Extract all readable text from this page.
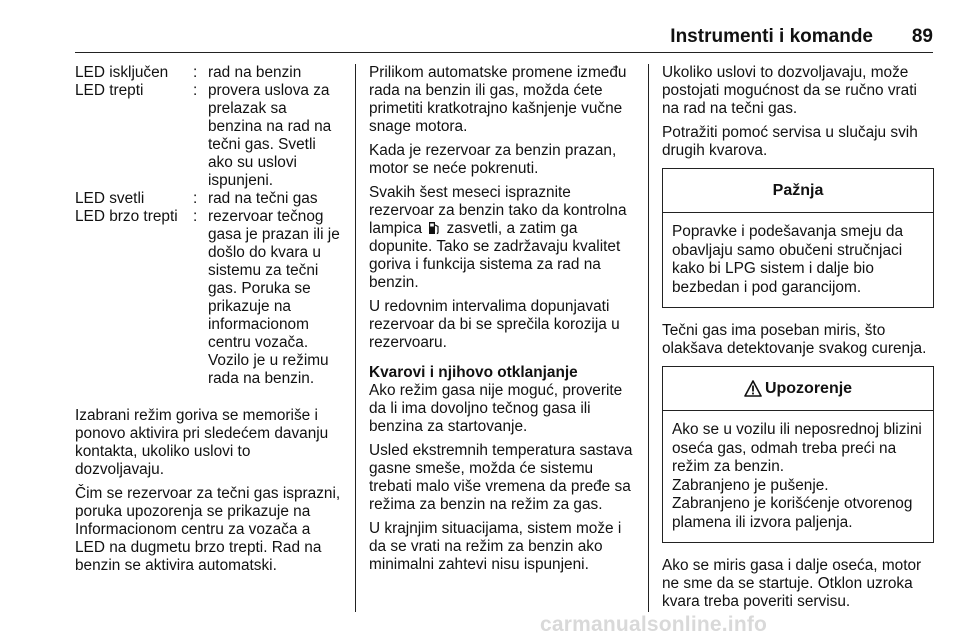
Instrumenti i komande 89
LED isključen	:	rad na benzin
LED trepti	:	provera uslova za prelazak sa benzina na rad na tečni gas. Svetli ako su uslovi ispunjeni.
LED svetli	:	rad na tečni gas
LED brzo trepti	:	rezervoar tečnog gasa je prazan ili je došlo do kvara u sistemu za tečni gas. Poruka se prikazuje na informacionom centru vozača. Vozilo je u režimu rada na benzin.

Izabrani režim goriva se memoriše i ponovo aktivira pri sledećem davanju kontakta, ukoliko uslovi to dozvoljavaju.

Čim se rezervoar za tečni gas isprazni, poruka upozorenja se prikazuje na Informacionom centru za vozača a LED na dugmetu brzo trepti. Rad na benzin se aktivira automatski.

Prilikom automatske promene između rada na benzin ili gas, možda ćete primetiti kratkotrajno kašnjenje vučne snage motora.

Kada je rezervoar za benzin prazan, motor se neće pokrenuti.

Svakih šest meseci ispraznite rezervoar za benzin tako da kontrolna lampica zasvetli, a zatim ga dopunite. Tako se zadržavaju kvalitet goriva i funkcija sistema za rad na benzin.

U redovnim intervalima dopunjavati rezervoar da bi se sprečila korozija u rezervoaru.

Kvarovi i njihovo otklanjanje

Ako režim gasa nije moguć, proverite da li ima dovoljno tečnog gasa ili benzina za startovanje.

Usled ekstremnih temperatura sastava gasne smeše, možda će sistemu trebati malo više vremena da pređe sa režima za benzin na režim za gas.

U krajnjim situacijama, sistem može i da se vrati na režim za benzin ako minimalni zahtevi nisu ispunjeni.

Ukoliko uslovi to dozvoljavaju, može postojati mogućnost da se ručno vrati na rad na tečni gas.

Potražiti pomoć servisa u slučaju svih drugih kvarova.

Pažnja
Popravke i podešavanja smeju da obavljaju samo obučeni stručnjaci kako bi LPG sistem i dalje bio bezbedan i pod garancijom.

Tečni gas ima poseban miris, što olakšava detektovanje svakog curenja.

Upozorenje
Ako se u vozilu ili neposrednoj blizini oseća gas, odmah treba preći na režim za benzin.
Zabranjeno je pušenje.
Zabranjeno je korišćenje otvorenog plamena ili izvora paljenja.

Ako se miris gasa i dalje oseća, motor ne sme da se startuje. Otklon uzroka kvara treba poveriti servisu.

carmanualsonline.info
